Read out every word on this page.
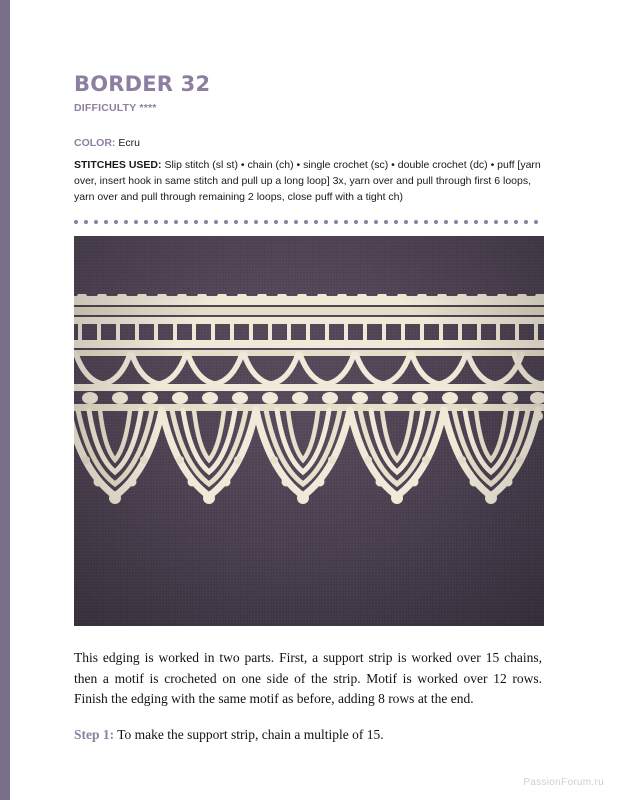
BORDER 32
DIFFICULTY ****
COLOR: Ecru
STITCHES USED: Slip stitch (sl st) • chain (ch) • single crochet (sc) • double crochet (dc) • puff [yarn over, insert hook in same stitch and pull up a long loop] 3x, yarn over and pull through first 6 loops, yarn over and pull through remaining 2 loops, close puff with a tight ch)

This edging is worked in two parts. First, a support strip is worked over 15 chains, then a motif is crocheted on one side of the strip. Motif is worked over 12 rows. Finish the edging with the same motif as before, adding 8 rows at the end.

Step 1: To make the support strip, chain a multiple of 15.

PassionForum.ru
